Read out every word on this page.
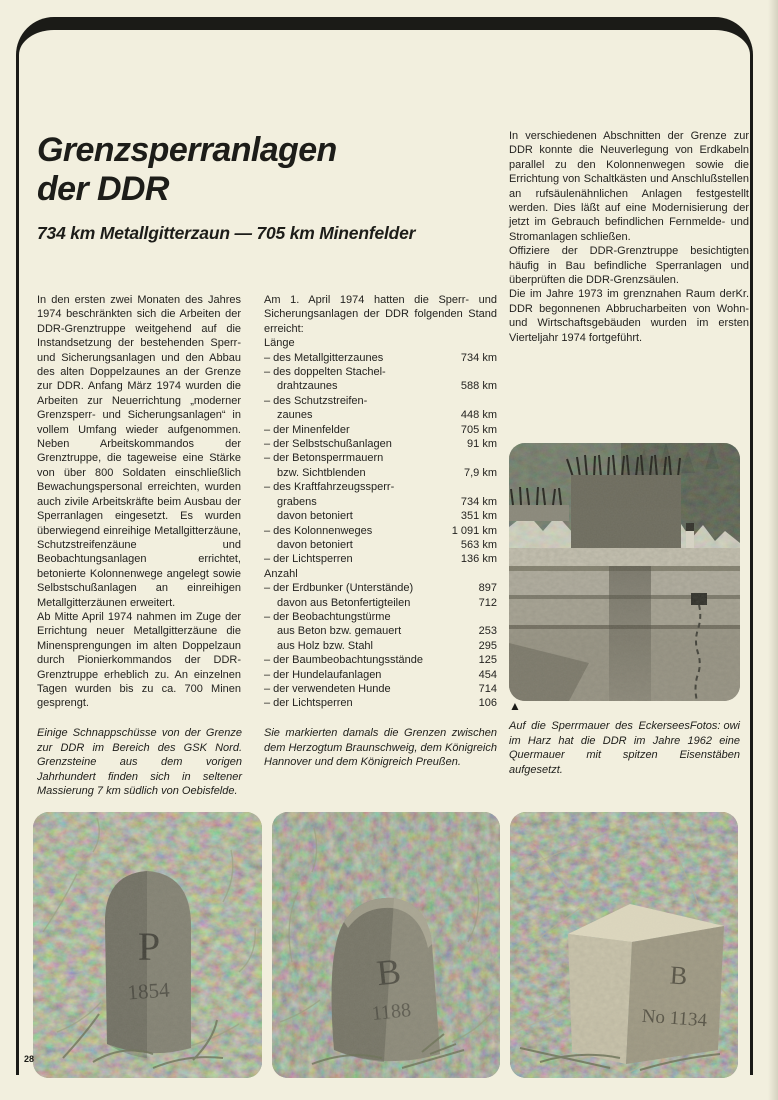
Grenzsperranlagen
der DDR
734 km Metallgitterzaun — 705 km Minenfelder

In den ersten zwei Monaten des Jahres 1974 beschränkten sich die Arbeiten der DDR-Grenztruppe weitgehend auf die Instandsetzung der bestehenden Sperr- und Sicherungsanlagen und den Abbau des alten Doppelzaunes an der Grenze zur DDR. Anfang März 1974 wurden die Arbeiten zur Neuerrichtung „moderner Grenzsperr- und Sicherungsanlagen“ in vollem Umfang wieder aufgenommen. Neben Arbeitskommandos der Grenztruppe, die tageweise eine Stärke von über 800 Soldaten einschließlich Bewachungspersonal erreichten, wurden auch zivile Arbeitskräfte beim Ausbau der Sperranlagen eingesetzt. Es wurden überwiegend einreihige Metallgitterzäune, Schutzstreifenzäune und Beobachtungsanlagen errichtet, betonierte Kolonnenwege angelegt sowie Selbstschußanlagen an einreihigen Metallgitterzäunen erweitert.

Ab Mitte April 1974 nahmen im Zuge der Errichtung neuer Metallgitterzäune die Minensprengungen im alten Doppelzaun durch Pionierkommandos der DDR-Grenztruppe erheblich zu. An einzelnen Tagen wurden bis zu ca. 700 Minen gesprengt.

Am 1. April 1974 hatten die Sperr- und Sicherungsanlagen der DDR folgenden Stand erreicht:

Länge
– des Metallgitterzaunes	734 km
– des doppelten Stachel-
drahtzaunes	588 km
– des Schutzstreifen-
zaunes	448 km
– der Minenfelder	705 km
– der Selbstschußanlagen	91 km
– der Betonsperrmauern
bzw. Sichtblenden	7,9 km
– des Kraftfahrzeugssperr-
grabens	734 km
davon betoniert	351 km
– des Kolonnenweges	1 091 km
davon betoniert	563 km
– der Lichtsperren	136 km
Anzahl
– der Erdbunker (Unterstände)	897
davon aus Betonfertigteilen	712
– der Beobachtungstürme
aus Beton bzw. gemauert	253
aus Holz bzw. Stahl	295
– der Baumbeobachtungsstände	125
– der Hundelaufanlagen	454
– der verwendeten Hunde	714
– der Lichtsperren	106

In verschiedenen Abschnitten der Grenze zur DDR konnte die Neuverlegung von Erdkabeln parallel zu den Kolonnenwegen sowie die Errichtung von Schaltkästen und Anschlußstellen an rufsäulenähnlichen Anlagen festgestellt werden. Dies läßt auf eine Modernisierung der jetzt im Gebrauch befindlichen Fernmelde- und Stromanlagen schließen.

Offiziere der DDR-Grenztruppe besichtigten häufig in Bau befindliche Sperranlagen und überprüften die DDR-Grenzsäulen.

Kr.
Die im Jahre 1973 im grenznahen Raum der DDR begonnenen Abbrucharbeiten von Wohn- und Wirtschaftsgebäuden wurden im ersten Vierteljahr 1974 fortgeführt.

▲
Einige Schnappschüsse von der Grenze zur DDR im Bereich des GSK Nord. Grenzsteine aus dem vorigen Jahrhundert finden sich in seltener Massierung 7 km südlich von Oebisfelde.
Sie markierten damals die Grenzen zwischen dem Herzogtum Braunschweig, dem Königreich Hannover und dem Königreich Preußen.
Fotos: owi
Auf die Sperrmauer des Eckersees im Harz hat die DDR im Jahre 1962 eine Quermauer mit spitzen Eisenstäben aufgesetzt.
P
1854	B
1188
B
No 1134
28
